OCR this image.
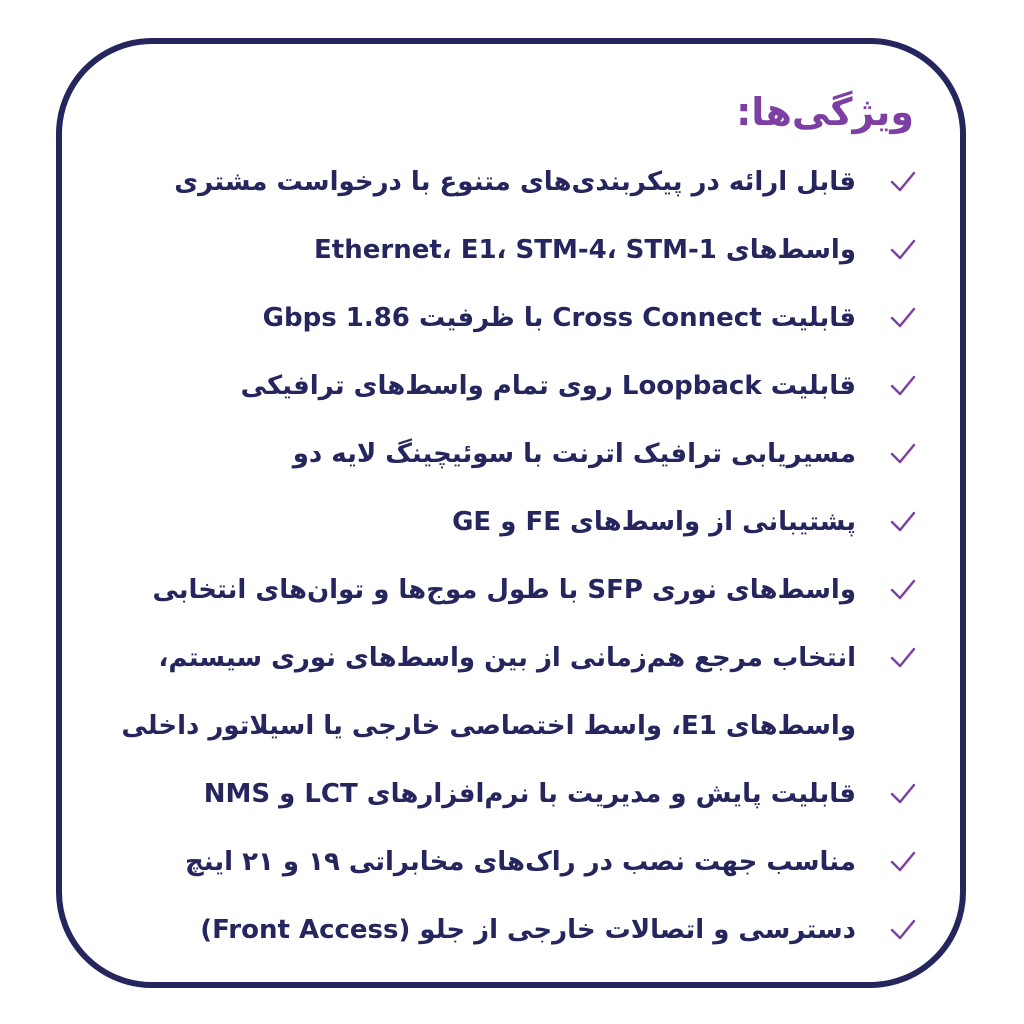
ویژگی‌ها:
قابل ارائه در پیکربندی‌های متنوع با درخواست مشتری
واسط‌های Ethernet، E1، STM-4، STM-1
قابلیت Cross Connect با ظرفیت 1.86 Gbps
قابلیت Loopback روی تمام واسط‌های ترافیکی
مسیریابی ترافیک اترنت با سوئیچینگ لایه دو
پشتیبانی از واسط‌های FE و GE
واسط‌های نوری SFP با طول موج‌ها و توان‌های انتخابی
انتخاب مرجع هم‌زمانی از بین واسط‌های نوری سیستم،
واسط‌های E1، واسط اختصاصی خارجی یا اسیلاتور داخلی
قابلیت پایش و مدیریت با نرم‌افزارهای LCT و NMS
مناسب جهت نصب در راک‌های مخابراتی ۱۹ و ۲۱ اینچ
دسترسی و اتصالات خارجی از جلو (Front Access)
